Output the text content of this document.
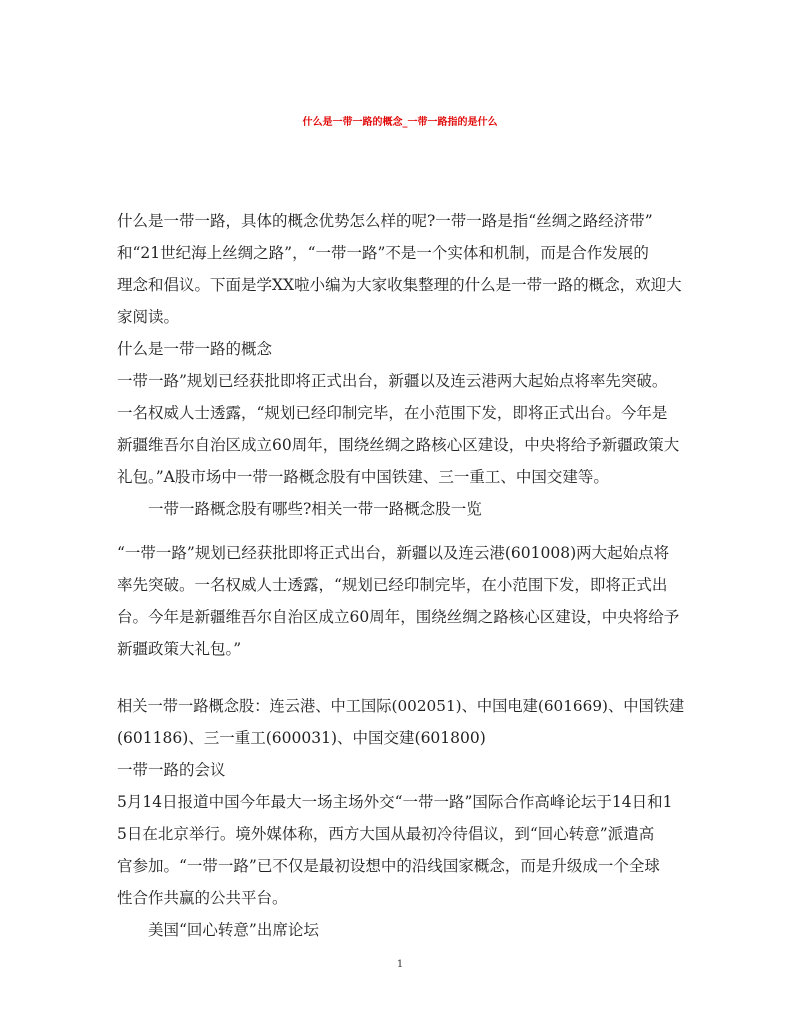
什么是一带一路的概念_一带一路指的是什么
什么是一带一路，具体的概念优势怎么样的呢?一带一路是指“丝绸之路经济带”
和“21世纪海上丝绸之路”，“一带一路”不是一个实体和机制，而是合作发展的
理念和倡议。下面是学XX啦小编为大家收集整理的什么是一带一路的概念，欢迎大
家阅读。
什么是一带一路的概念
一带一路”规划已经获批即将正式出台，新疆以及连云港两大起始点将率先突破。
一名权威人士透露，“规划已经印制完毕，在小范围下发，即将正式出台。今年是
新疆维吾尔自治区成立60周年，围绕丝绸之路核心区建设，中央将给予新疆政策大
礼包。”A股市场中一带一路概念股有中国铁建、三一重工、中国交建等。
一带一路概念股有哪些?相关一带一路概念股一览
“一带一路”规划已经获批即将正式出台，新疆以及连云港(601008)两大起始点将
率先突破。一名权威人士透露，“规划已经印制完毕，在小范围下发，即将正式出
台。今年是新疆维吾尔自治区成立60周年，围绕丝绸之路核心区建设，中央将给予
新疆政策大礼包。”
相关一带一路概念股：连云港、中工国际(002051)、中国电建(601669)、中国铁建
(601186)、三一重工(600031)、中国交建(601800)
一带一路的会议
5月14日报道中国今年最大一场主场外交“一带一路”国际合作高峰论坛于14日和1
5日在北京举行。境外媒体称，西方大国从最初冷待倡议，到“回心转意”派遣高
官参加。“一带一路”已不仅是最初设想中的沿线国家概念，而是升级成一个全球
性合作共赢的公共平台。
美国“回心转意”出席论坛
1
